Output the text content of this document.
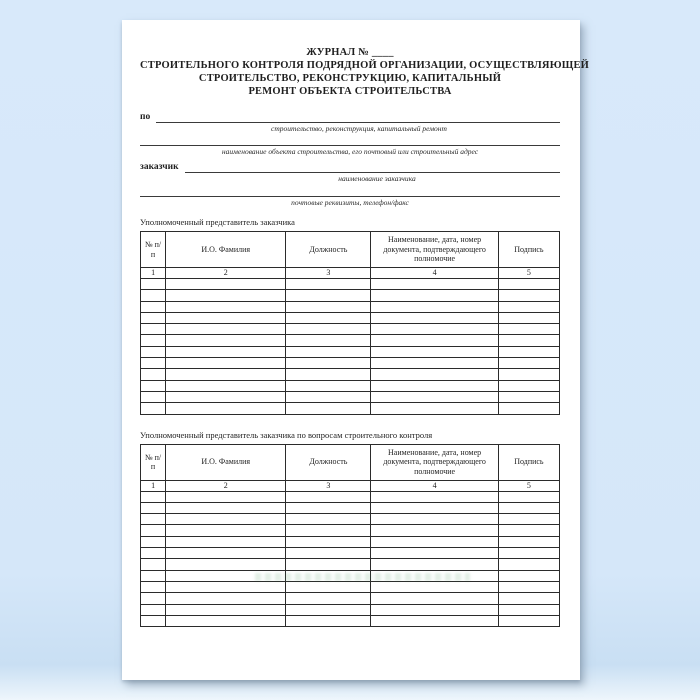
ЖУРНАЛ № ____
СТРОИТЕЛЬНОГО КОНТРОЛЯ ПОДРЯДНОЙ ОРГАНИЗАЦИИ, ОСУЩЕСТВЛЯЮЩЕЙ
СТРОИТЕЛЬСТВО, РЕКОНСТРУКЦИЮ, КАПИТАЛЬНЫЙ
РЕМОНТ ОБЪЕКТА СТРОИТЕЛЬСТВА
по
строительство, реконструкция, капитальный ремонт
наименование объекта строительства, его почтовый или строительный адрес
заказчик
наименование заказчика
почтовые реквизиты, телефон/факс
Уполномоченный представитель заказчика
№ п/п	И.О. Фамилия	Должность	Наименование, дата, номер документа, подтверждающего полномочие	Подпись
1	2	3	4	5

Уполномоченный представитель заказчика по вопросам строительного контроля
№ п/п	И.О. Фамилия	Должность	Наименование, дата, номер документа, подтверждающего полномочие	Подпись
1	2	3	4	5
